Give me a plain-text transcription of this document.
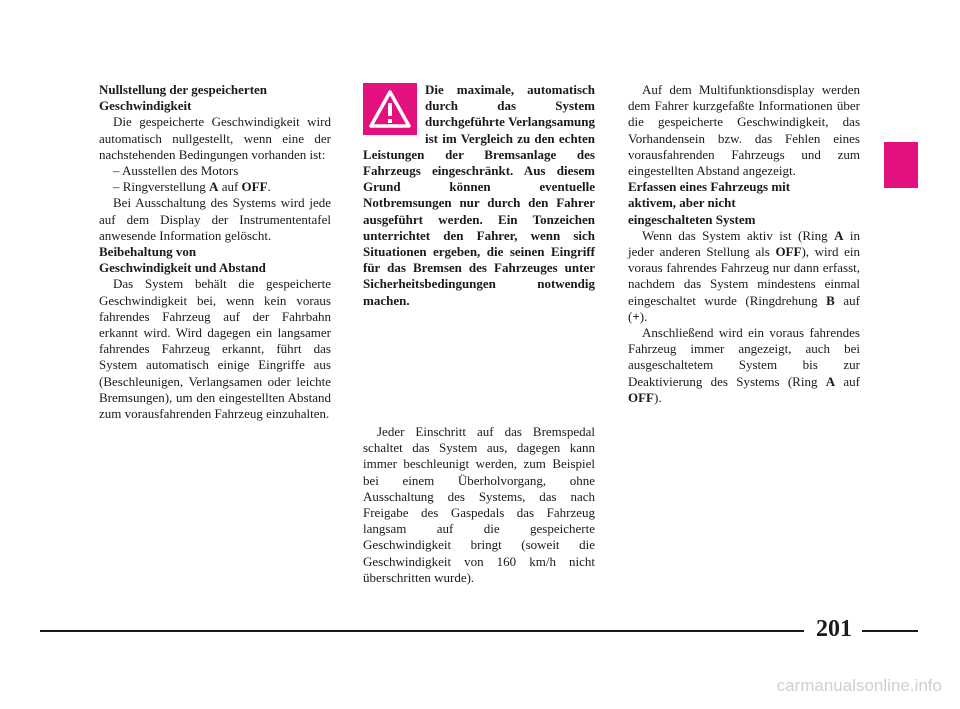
Nullstellung der gespeicherten
Geschwindigkeit

Die gespeicherte Geschwindigkeit wird automatisch nullgestellt, wenn eine der nachstehenden Bedingungen vorhanden ist:

– Ausstellen des Motors

– Ringverstellung A auf OFF.

Bei Ausschaltung des Systems wird jede auf dem Display der Instrumententafel anwesende Information gelöscht.

Beibehaltung von
Geschwindigkeit und Abstand

Das System behält die gespeicherte Geschwindigkeit bei, wenn kein voraus fahrendes Fahrzeug auf der Fahrbahn erkannt wird. Wird dagegen ein langsamer fahrendes Fahrzeug erkannt, führt das System automatisch einige Eingriffe aus (Beschleunigen, Verlangsamen oder leichte Bremsungen), um den eingestellten Abstand zum vorausfahrenden Fahrzeug einzuhalten.

Die maximale, automatisch durch das System durchgeführte Verlangsamung ist im Vergleich zu den echten Leistungen der Bremsanlage des Fahrzeugs eingeschränkt. Aus diesem Grund können eventuelle Notbremsungen nur durch den Fahrer ausgeführt werden. Ein Tonzeichen unterrichtet den Fahrer, wenn sich Situationen ergeben, die seinen Eingriff für das Bremsen des Fahrzeuges unter Sicherheitsbedingungen notwendig machen.

Jeder Einschritt auf das Bremspedal schaltet das System aus, dagegen kann immer beschleunigt werden, zum Beispiel bei einem Überholvorgang, ohne Ausschaltung des Systems, das nach Freigabe des Gaspedals das Fahrzeug langsam auf die gespeicherte Geschwindigkeit bringt (soweit die Geschwindigkeit von 160 km/h nicht überschritten wurde).

Auf dem Multifunktionsdisplay werden dem Fahrer kurzgefaßte Informationen über die gespeicherte Geschwindigkeit, das Vorhandensein bzw. das Fehlen eines vorausfahrenden Fahrzeugs und zum eingestellten Abstand angezeigt.

Erfassen eines Fahrzeugs mit
aktivem, aber nicht
eingeschalteten System

Wenn das System aktiv ist (Ring A in jeder anderen Stellung als OFF), wird ein voraus fahrendes Fahrzeug nur dann erfasst, nachdem das System mindestens einmal eingeschaltet wurde (Ringdrehung B auf (+).

Anschließend wird ein voraus fahrendes Fahrzeug immer angezeigt, auch bei ausgeschaltetem System bis zur Deaktivierung des Systems (Ring A auf OFF).

201
carmanualsonline.info
